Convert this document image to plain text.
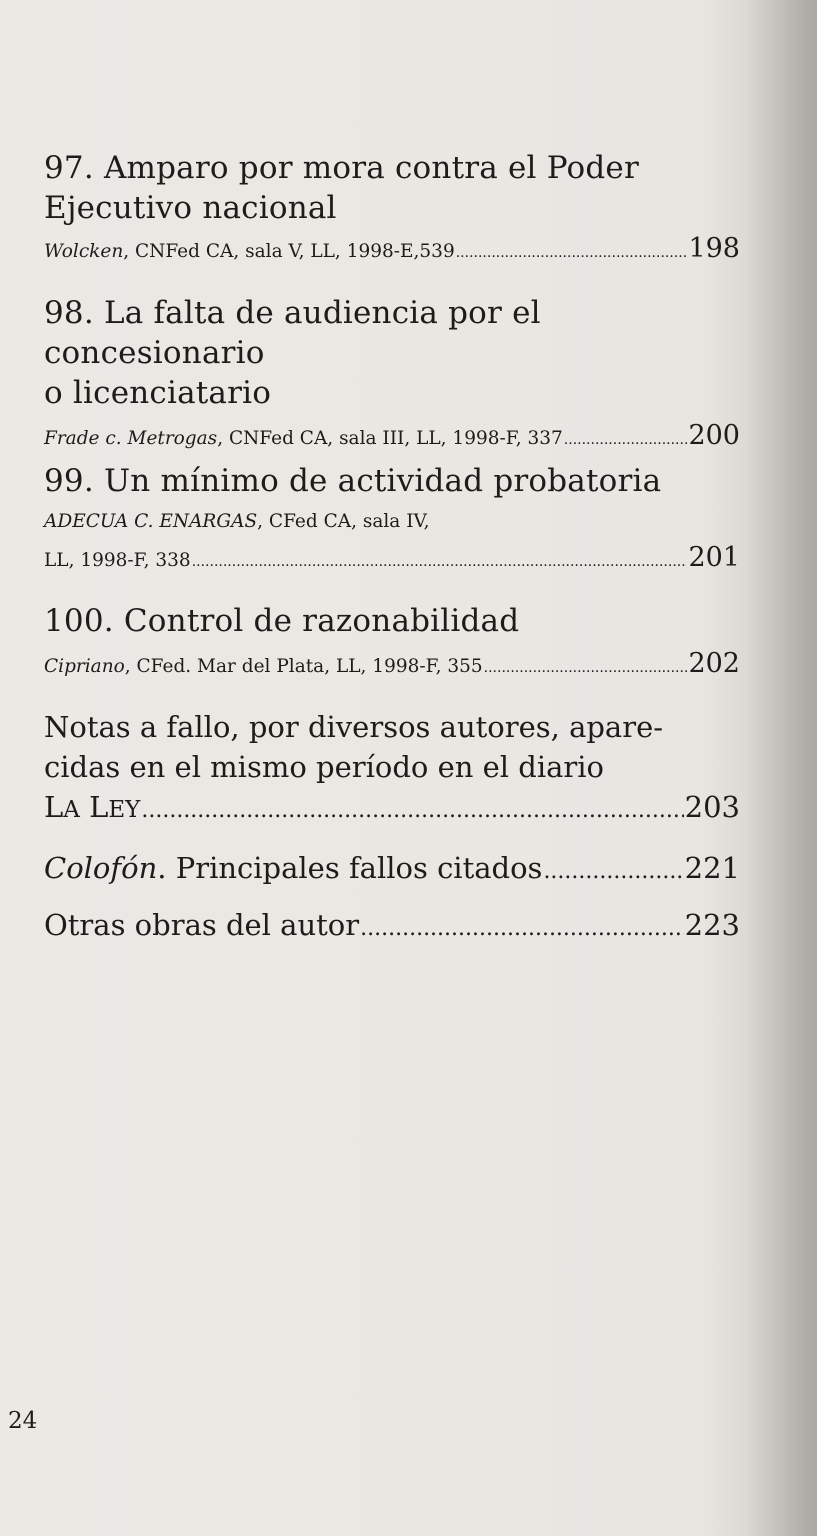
97. Amparo por mora contra el Poder
Ejecutivo nacional

Wolcken, CNFed CA, sala V, LL, 1998-E,539 .....	198

98. La falta de audiencia por el concesionario
o licenciatario

Frade c. Metrogas, CNFed CA, sala III, LL, 1998-F, 337 .....	200

99. Un mínimo de actividad probatoria

ADECUA C. ENARGAS, CFed CA, sala IV,

LL, 1998-F, 338 .....	201

100. Control de razonabilidad

Cipriano, CFed. Mar del Plata, LL, 1998-F, 355 .....	202

Notas a fallo, por diversos autores, apare-
cidas en el mismo período en el diario

LA LEY .....	203

Colofón. Principales fallos citados .....	221

Otras obras del autor .....	223

24
